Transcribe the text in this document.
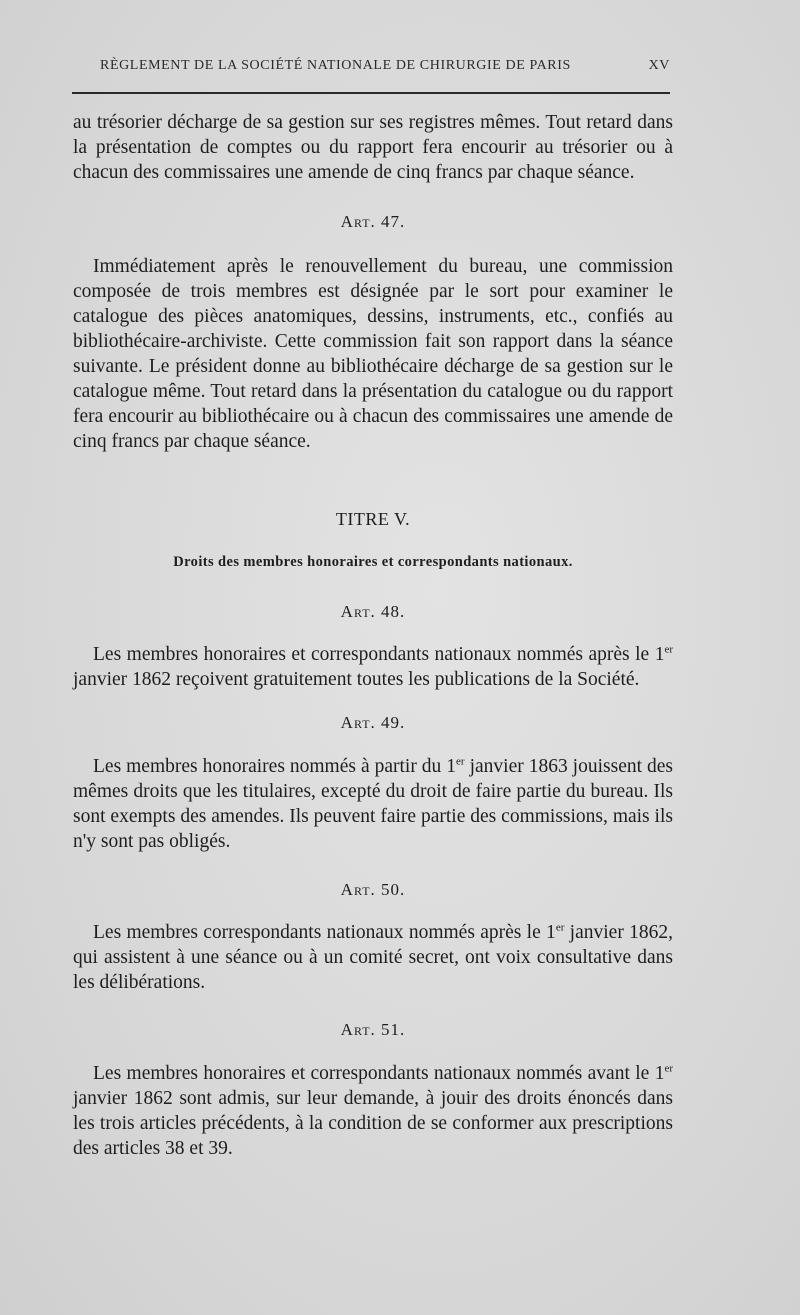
RÈGLEMENT DE LA SOCIÉTÉ NATIONALE DE CHIRURGIE DE PARIS	XV

au trésorier décharge de sa gestion sur ses registres mêmes. Tout retard dans la présentation de comptes ou du rapport fera encourir au trésorier ou à chacun des commissaires une amende de cinq francs par chaque séance.

Art. 47.

Immédiatement après le renouvellement du bureau, une commission composée de trois membres est désignée par le sort pour examiner le catalogue des pièces anatomiques, dessins, instruments, etc., confiés au bibliothécaire-archiviste. Cette commission fait son rapport dans la séance suivante. Le président donne au bibliothécaire décharge de sa gestion sur le catalogue même. Tout retard dans la présentation du catalogue ou du rapport fera encourir au bibliothécaire ou à chacun des commissaires une amende de cinq francs par chaque séance.

TITRE V.

Droits des membres honoraires et correspondants nationaux.

Art. 48.

Les membres honoraires et correspondants nationaux nommés après le 1er janvier 1862 reçoivent gratuitement toutes les publications de la Société.

Art. 49.

Les membres honoraires nommés à partir du 1er janvier 1863 jouissent des mêmes droits que les titulaires, excepté du droit de faire partie du bureau. Ils sont exempts des amendes. Ils peuvent faire partie des commissions, mais ils n'y sont pas obligés.

Art. 50.

Les membres correspondants nationaux nommés après le 1er janvier 1862, qui assistent à une séance ou à un comité secret, ont voix consultative dans les délibérations.

Art. 51.

Les membres honoraires et correspondants nationaux nommés avant le 1er janvier 1862 sont admis, sur leur demande, à jouir des droits énoncés dans les trois articles précédents, à la condition de se conformer aux prescriptions des articles 38 et 39.
